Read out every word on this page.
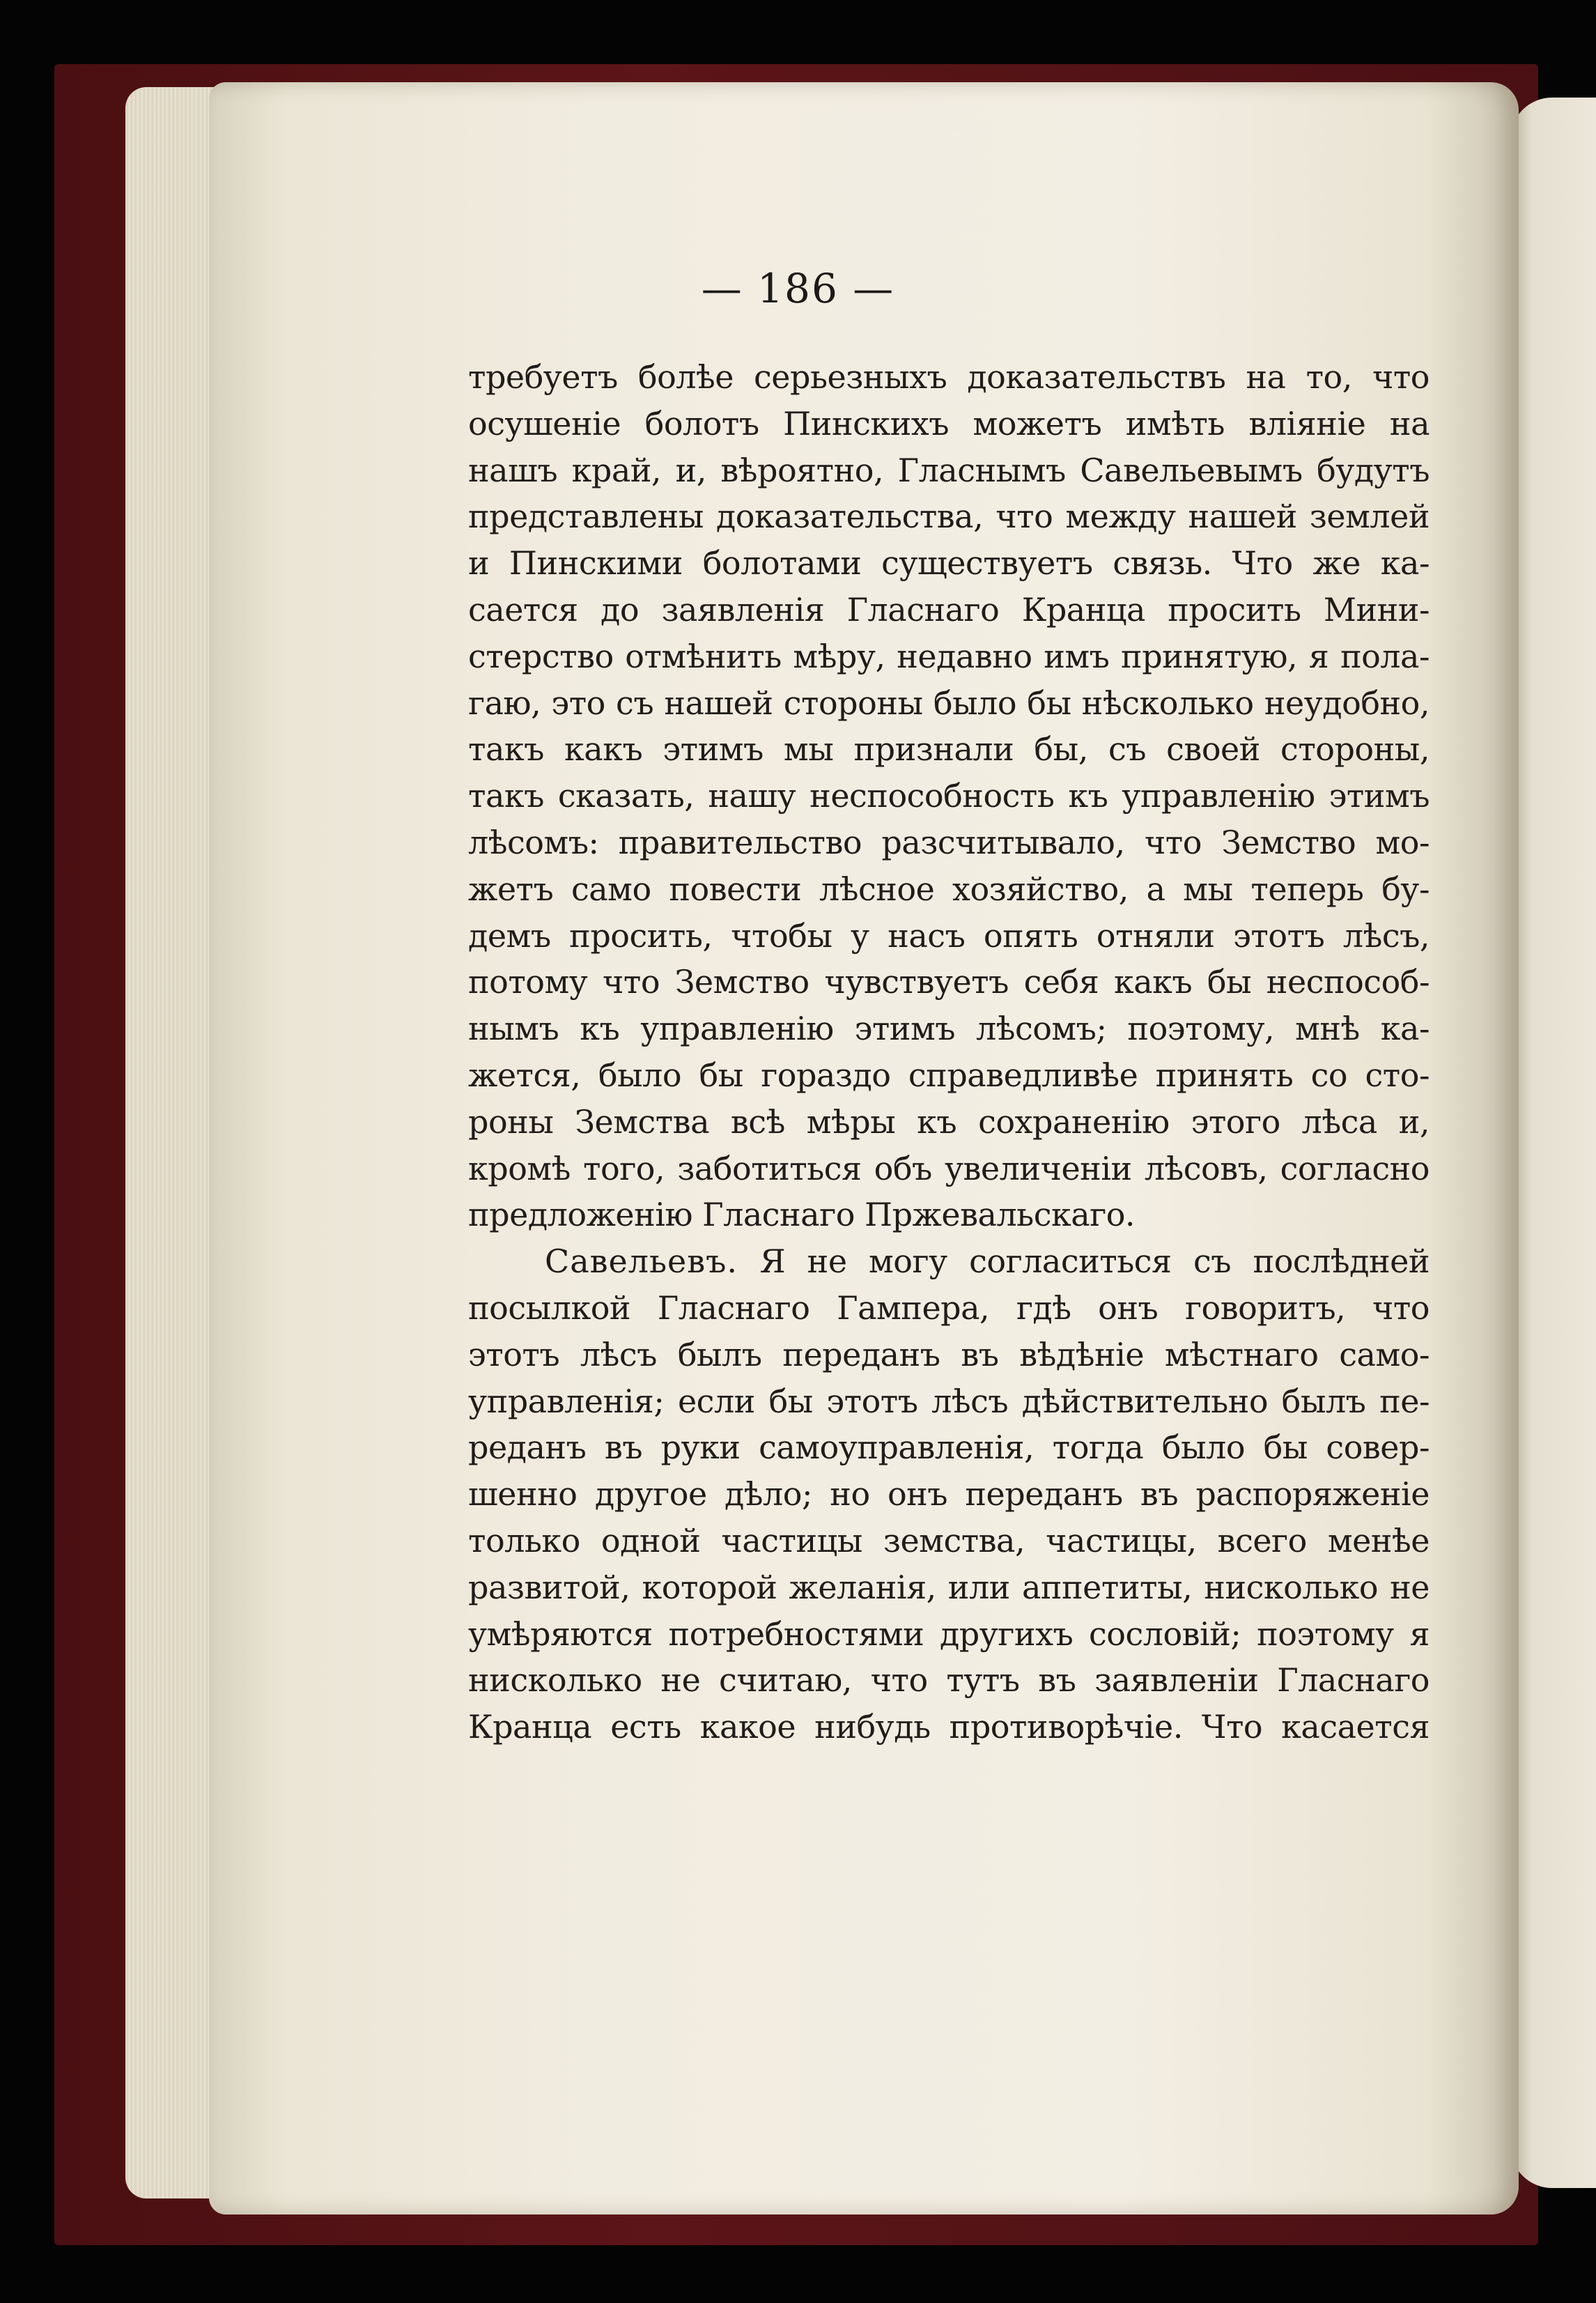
— 186 —
требуетъ болѣе серьезныхъ доказательствъ на то, что
осушеніе болотъ Пинскихъ можетъ имѣть вліяніе на
нашъ край, и, вѣроятно, Гласнымъ Савельевымъ будутъ
представлены доказательства, что между нашей землей
и Пинскими болотами существуетъ связь. Что же ка-
сается до заявленія Гласнаго Кранца просить Мини-
стерство отмѣнить мѣру, недавно имъ принятую, я пола-
гаю, это съ нашей стороны было бы нѣсколько неудобно,
такъ какъ этимъ мы признали бы, съ своей стороны,
такъ сказать, нашу неспособность къ управленію этимъ
лѣсомъ: правительство разсчитывало, что Земство мо-
жетъ само повести лѣсное хозяйство, а мы теперь бу-
демъ просить, чтобы у насъ опять отняли этотъ лѣсъ,
потому что Земство чувствуетъ себя какъ бы неспособ-
нымъ къ управленію этимъ лѣсомъ; поэтому, мнѣ ка-
жется, было бы гораздо справедливѣе принять со сто-
роны Земства всѣ мѣры къ сохраненію этого лѣса и,
кромѣ того, заботиться объ увеличеніи лѣсовъ, согласно
предложенію Гласнаго Пржевальскаго.
Савельевъ. Я не могу согласиться съ послѣдней
посылкой Гласнаго Гампера, гдѣ онъ говоритъ, что
этотъ лѣсъ былъ переданъ въ вѣдѣніе мѣстнаго само-
управленія; если бы этотъ лѣсъ дѣйствительно былъ пе-
реданъ въ руки самоуправленія, тогда было бы совер-
шенно другое дѣло; но онъ переданъ въ распоряженіе
только одной частицы земства, частицы, всего менѣе
развитой, которой желанія, или аппетиты, нисколько не
умѣряются потребностями другихъ сословій; поэтому я
нисколько не считаю, что тутъ въ заявленіи Гласнаго
Кранца есть какое нибудь противорѣчіе. Что касается
